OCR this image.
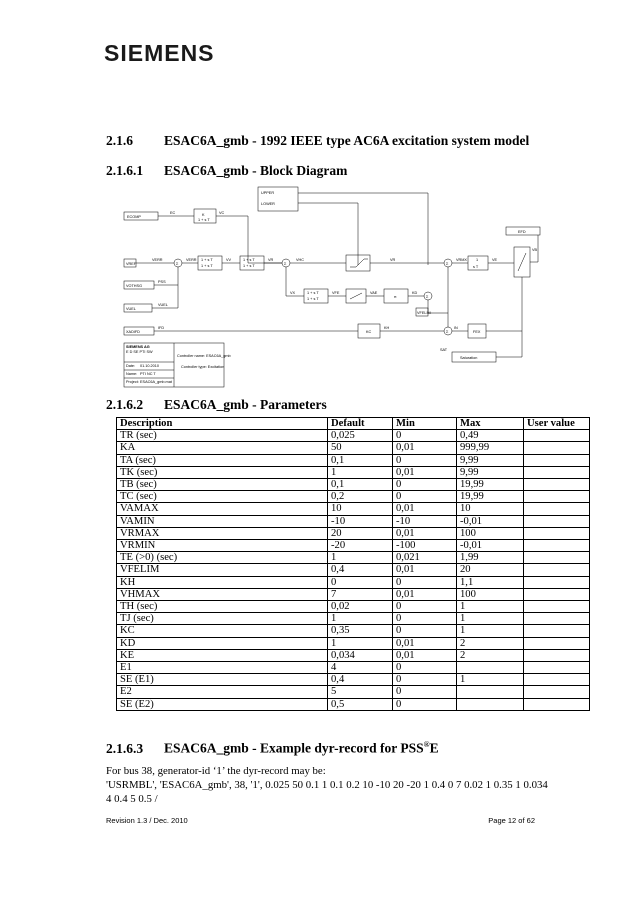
SIEMENS
2.1.6 ESAC6A_gmb - 1992 IEEE type AC6A excitation system model
2.1.6.1 ESAC6A_gmb - Block Diagram
UPPER
LOWER
ECOMP
EC	VC
K
1 + s T
VREF
VERR
Σ
VERR 1 + s T
1 + s T
VV	1 + s T
1 + s T
VR
Σ
VHC	VR
Σ
VRMX 1
s T
VE
VB
EFD
VOTHSG
PSS
VUEL
VUEL
VX	1 + s T
1 + s T
VFE	VAE
π
KD
Σ
VFELIM
XADIFD
IFD
KC
KH
Σ
IN
FEX
SAT
Saturation
SIEMENS AG
E D SE PTI SW
Date: 01.10.2010
Name: PTI NC T
Project: ESAC6A_gmb.mat
Controller name: ESAC6A_gmb
Controller type: Excitation
2.1.6.2 ESAC6A_gmb - Parameters
Description	Default	Min	Max	User value
TR (sec)	0,025	0	0,49	
KA	50	0,01	999,99	
TA (sec)	0,1	0	9,99	
TK (sec)	1	0,01	9,99	
TB (sec)	0,1	0	19,99	
TC (sec)	0,2	0	19,99	
VAMAX	10	0,01	10	
VAMIN	-10	-10	-0,01	
VRMAX	20	0,01	100	
VRMIN	-20	-100	-0,01	
TE (>0) (sec)	1	0,021	1,99	
VFELIM	0,4	0,01	20	
KH	0	0	1,1	
VHMAX	7	0,01	100	
TH (sec)	0,02	0	1	
TJ (sec)	1	0	1	
KC	0,35	0	1	
KD	1	0,01	2	
KE	0,034	0,01	2	
E1	4	0		
SE (E1)	0,4	0	1	
E2	5	0		
SE (E2)	0,5	0		
2.1.6.3 ESAC6A_gmb - Example dyr-record for PSS®E
For bus 38, generator-id ‘1’ the dyr-record may be:
'USRMBL', 'ESAC6A_gmb', 38, '1', 0.025 50 0.1 1 0.1 0.2 10 -10 20 -20 1 0.4 0 7 0.02 1 0.35 1 0.034
4 0.4 5 0.5 /
Revision 1.3 / Dec. 2010	Page 12 of 62
